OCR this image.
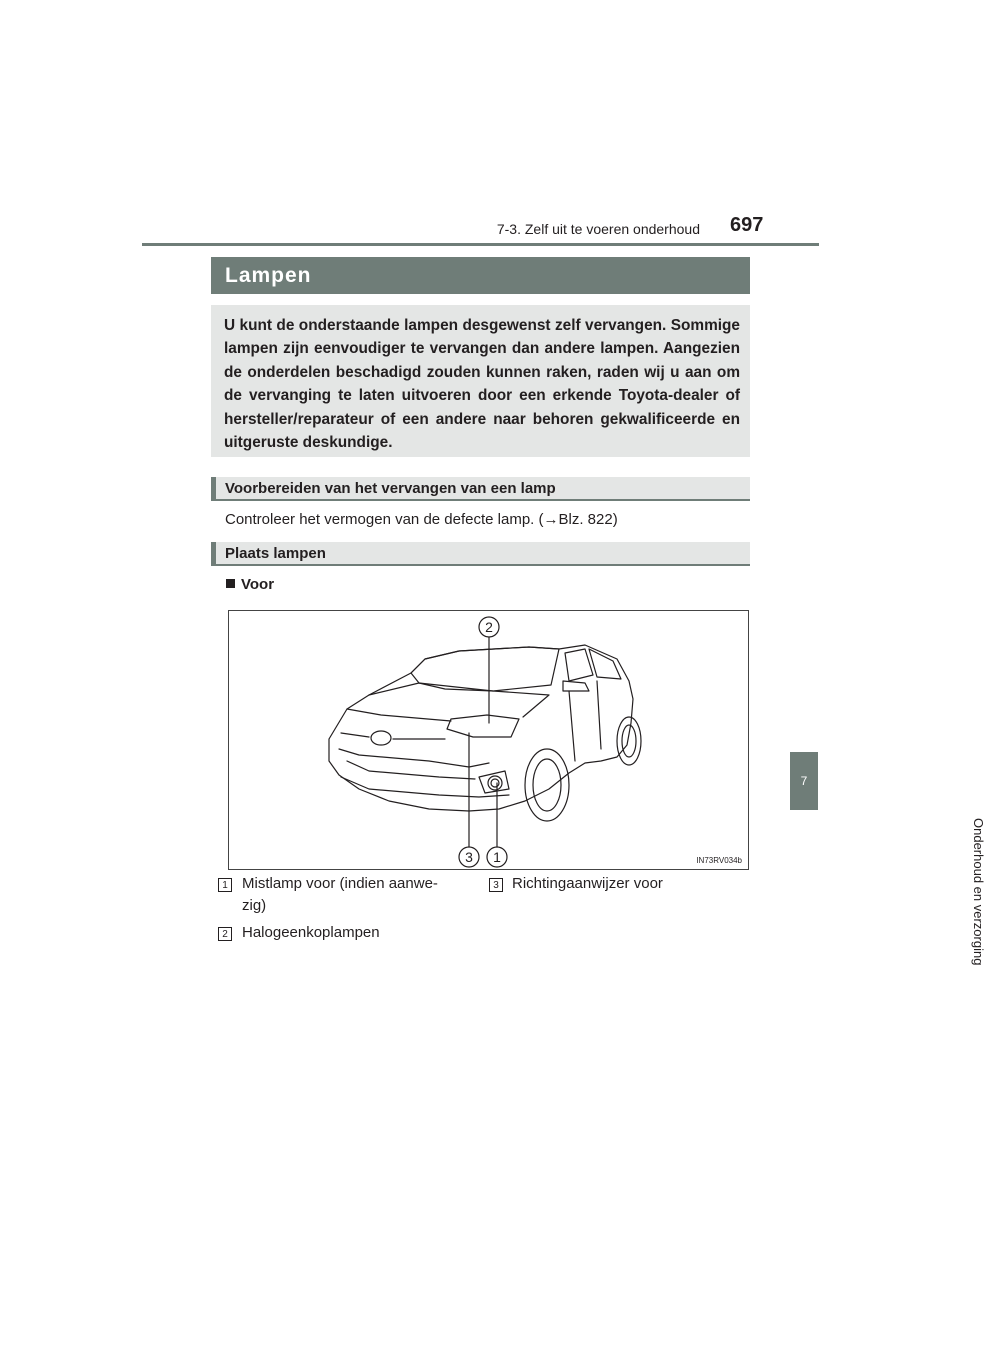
7-3. Zelf uit te voeren onderhoud 697
7
Onderhoud en verzorging
Lampen
U kunt de onderstaande lampen desgewenst zelf vervangen. Sommige lampen zijn eenvoudiger te vervangen dan andere lampen. Aangezien de onderdelen beschadigd zouden kunnen raken, raden wij u aan om de vervanging te laten uitvoeren door een erkende Toyota-dealer of hersteller/reparateur of een andere naar behoren gekwalificeerde en uitgeruste deskundige.
Voorbereiden van het vervangen van een lamp
Controleer het vermogen van de defecte lamp. (→Blz. 822)
Plaats lampen
Voor
2
3 1	IN73RV034b
1 Mistlamp voor (indien aanwe-
zig)
2 Halogeenkoplampen
3 Richtingaanwijzer voor
